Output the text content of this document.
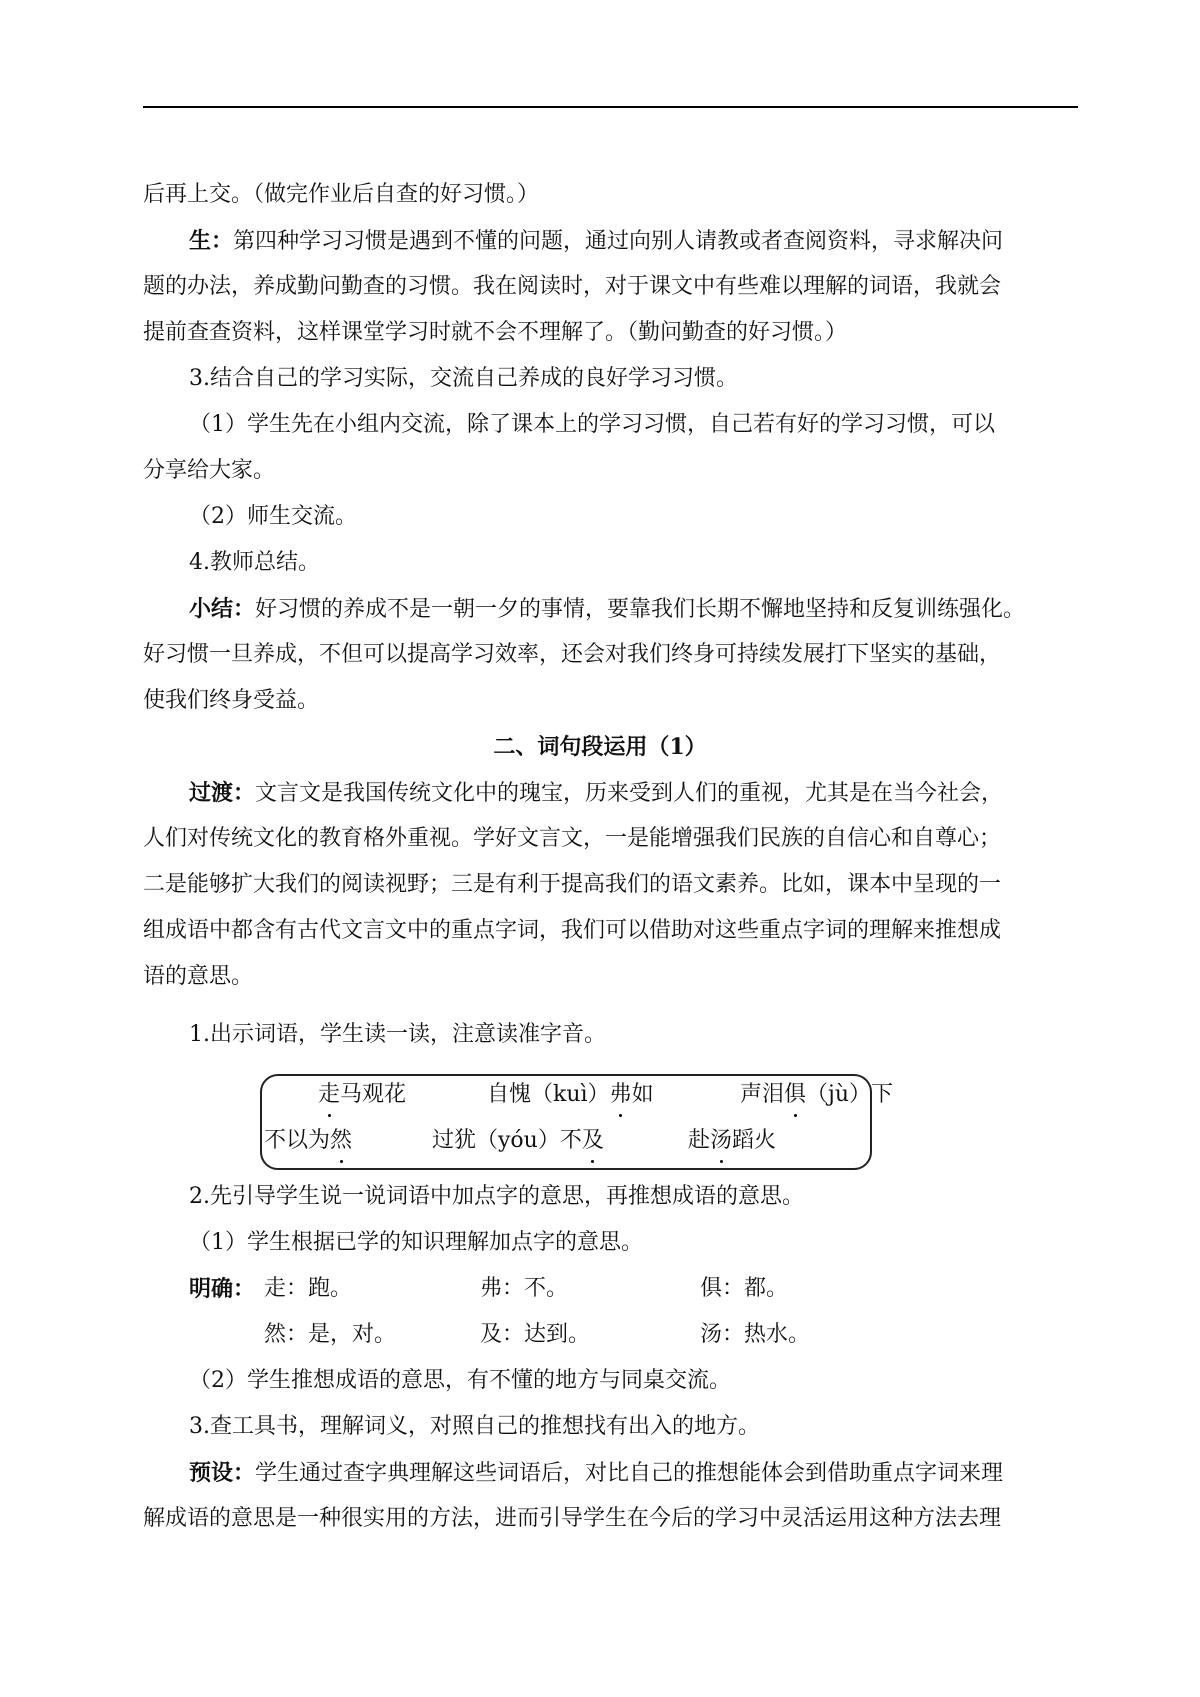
后再上交。（做完作业后自查的好习惯。）
生：第四种学习习惯是遇到不懂的问题，通过向别人请教或者查阅资料，寻求解决问
题的办法，养成勤问勤查的习惯。我在阅读时，对于课文中有些难以理解的词语，我就会
提前查查资料，这样课堂学习时就不会不理解了。（勤问勤查的好习惯。）
3.结合自己的学习实际，交流自己养成的良好学习习惯。
（1）学生先在小组内交流，除了课本上的学习习惯，自己若有好的学习习惯，可以
分享给大家。
（2）师生交流。
4.教师总结。
小结：好习惯的养成不是一朝一夕的事情，要靠我们长期不懈地坚持和反复训练强化。
好习惯一旦养成，不但可以提高学习效率，还会对我们终身可持续发展打下坚实的基础，
使我们终身受益。
二、词句段运用（1）
过渡：文言文是我国传统文化中的瑰宝，历来受到人们的重视，尤其是在当今社会，
人们对传统文化的教育格外重视。学好文言文，一是能增强我们民族的自信心和自尊心；
二是能够扩大我们的阅读视野；三是有利于提高我们的语文素养。比如，课本中呈现的一
组成语中都含有古代文言文中的重点字词，我们可以借助对这些重点字词的理解来推想成
语的意思。
1.出示词语，学生读一读，注意读准字音。
走马观花	自愧（kuì）弗如	声泪俱（jù）下
不以为然	过犹（yóu）不及	赴汤蹈火
2.先引导学生说一说词语中加点字的意思，再推想成语的意思。
（1）学生根据已学的知识理解加点字的意思。
明确： 走：跑。	弗：不。	俱：都。
然：是，对。	及：达到。	汤：热水。
（2）学生推想成语的意思，有不懂的地方与同桌交流。
3.查工具书，理解词义，对照自己的推想找有出入的地方。
预设：学生通过查字典理解这些词语后，对比自己的推想能体会到借助重点字词来理
解成语的意思是一种很实用的方法，进而引导学生在今后的学习中灵活运用这种方法去理
